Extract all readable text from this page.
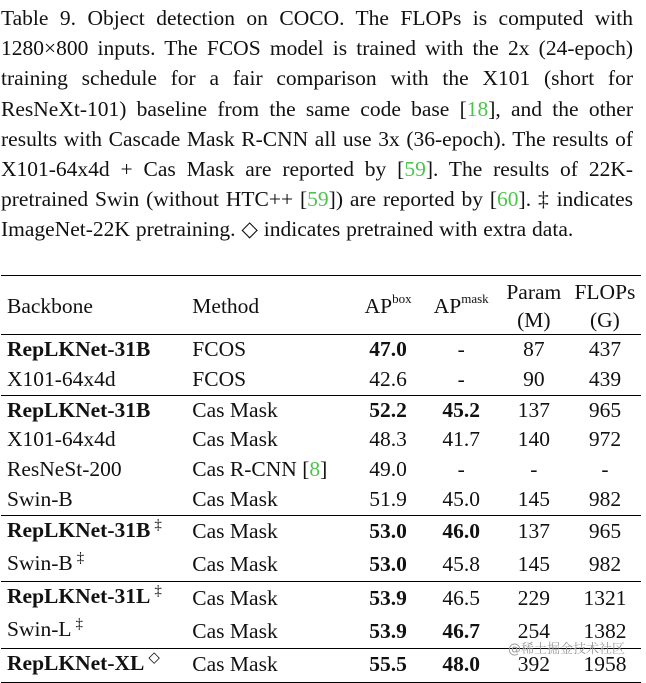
Table 9. Object detection on COCO. The FLOPs is computed with 1280×800 inputs. The FCOS model is trained with the 2x (24-epoch) training schedule for a fair comparison with the X101 (short for ResNeXt-101) baseline from the same code base [18], and the other results with Cascade Mask R-CNN all use 3x (36-epoch). The results of X101-64x4d + Cas Mask are reported by [59]. The results of 22K-pretrained Swin (without HTC++ [59]) are reported by [60]. ‡ indicates ImageNet-22K pretraining. ◇ indicates pretrained with extra data.
Backbone	Method	$AP^{box}$	$AP^{mask}$	Param	FLOPs
				(M)	(G)
RepLKNet-31B	FCOS	47.0	-	87	437
X101-64x4d	FCOS	42.6	-	90	439
RepLKNet-31B	Cas Mask	52.2	45.2	137	965
X101-64x4d	Cas Mask	48.3	41.7	140	972
ResNeSt-200	Cas R-CNN [8]	49.0	-	-	-
Swin-B	Cas Mask	51.9	45.0	145	982
RepLKNet-31B ‡	Cas Mask	53.0	46.0	137	965
Swin-B ‡	Cas Mask	53.0	45.8	145	982
RepLKNet-31L ‡	Cas Mask	53.9	46.5	229	1321
Swin-L ‡	Cas Mask	53.9	46.7	254	1382
RepLKNet-XL ◇	Cas Mask	55.5	48.0	392	1958
@稀土掘金技术社区
